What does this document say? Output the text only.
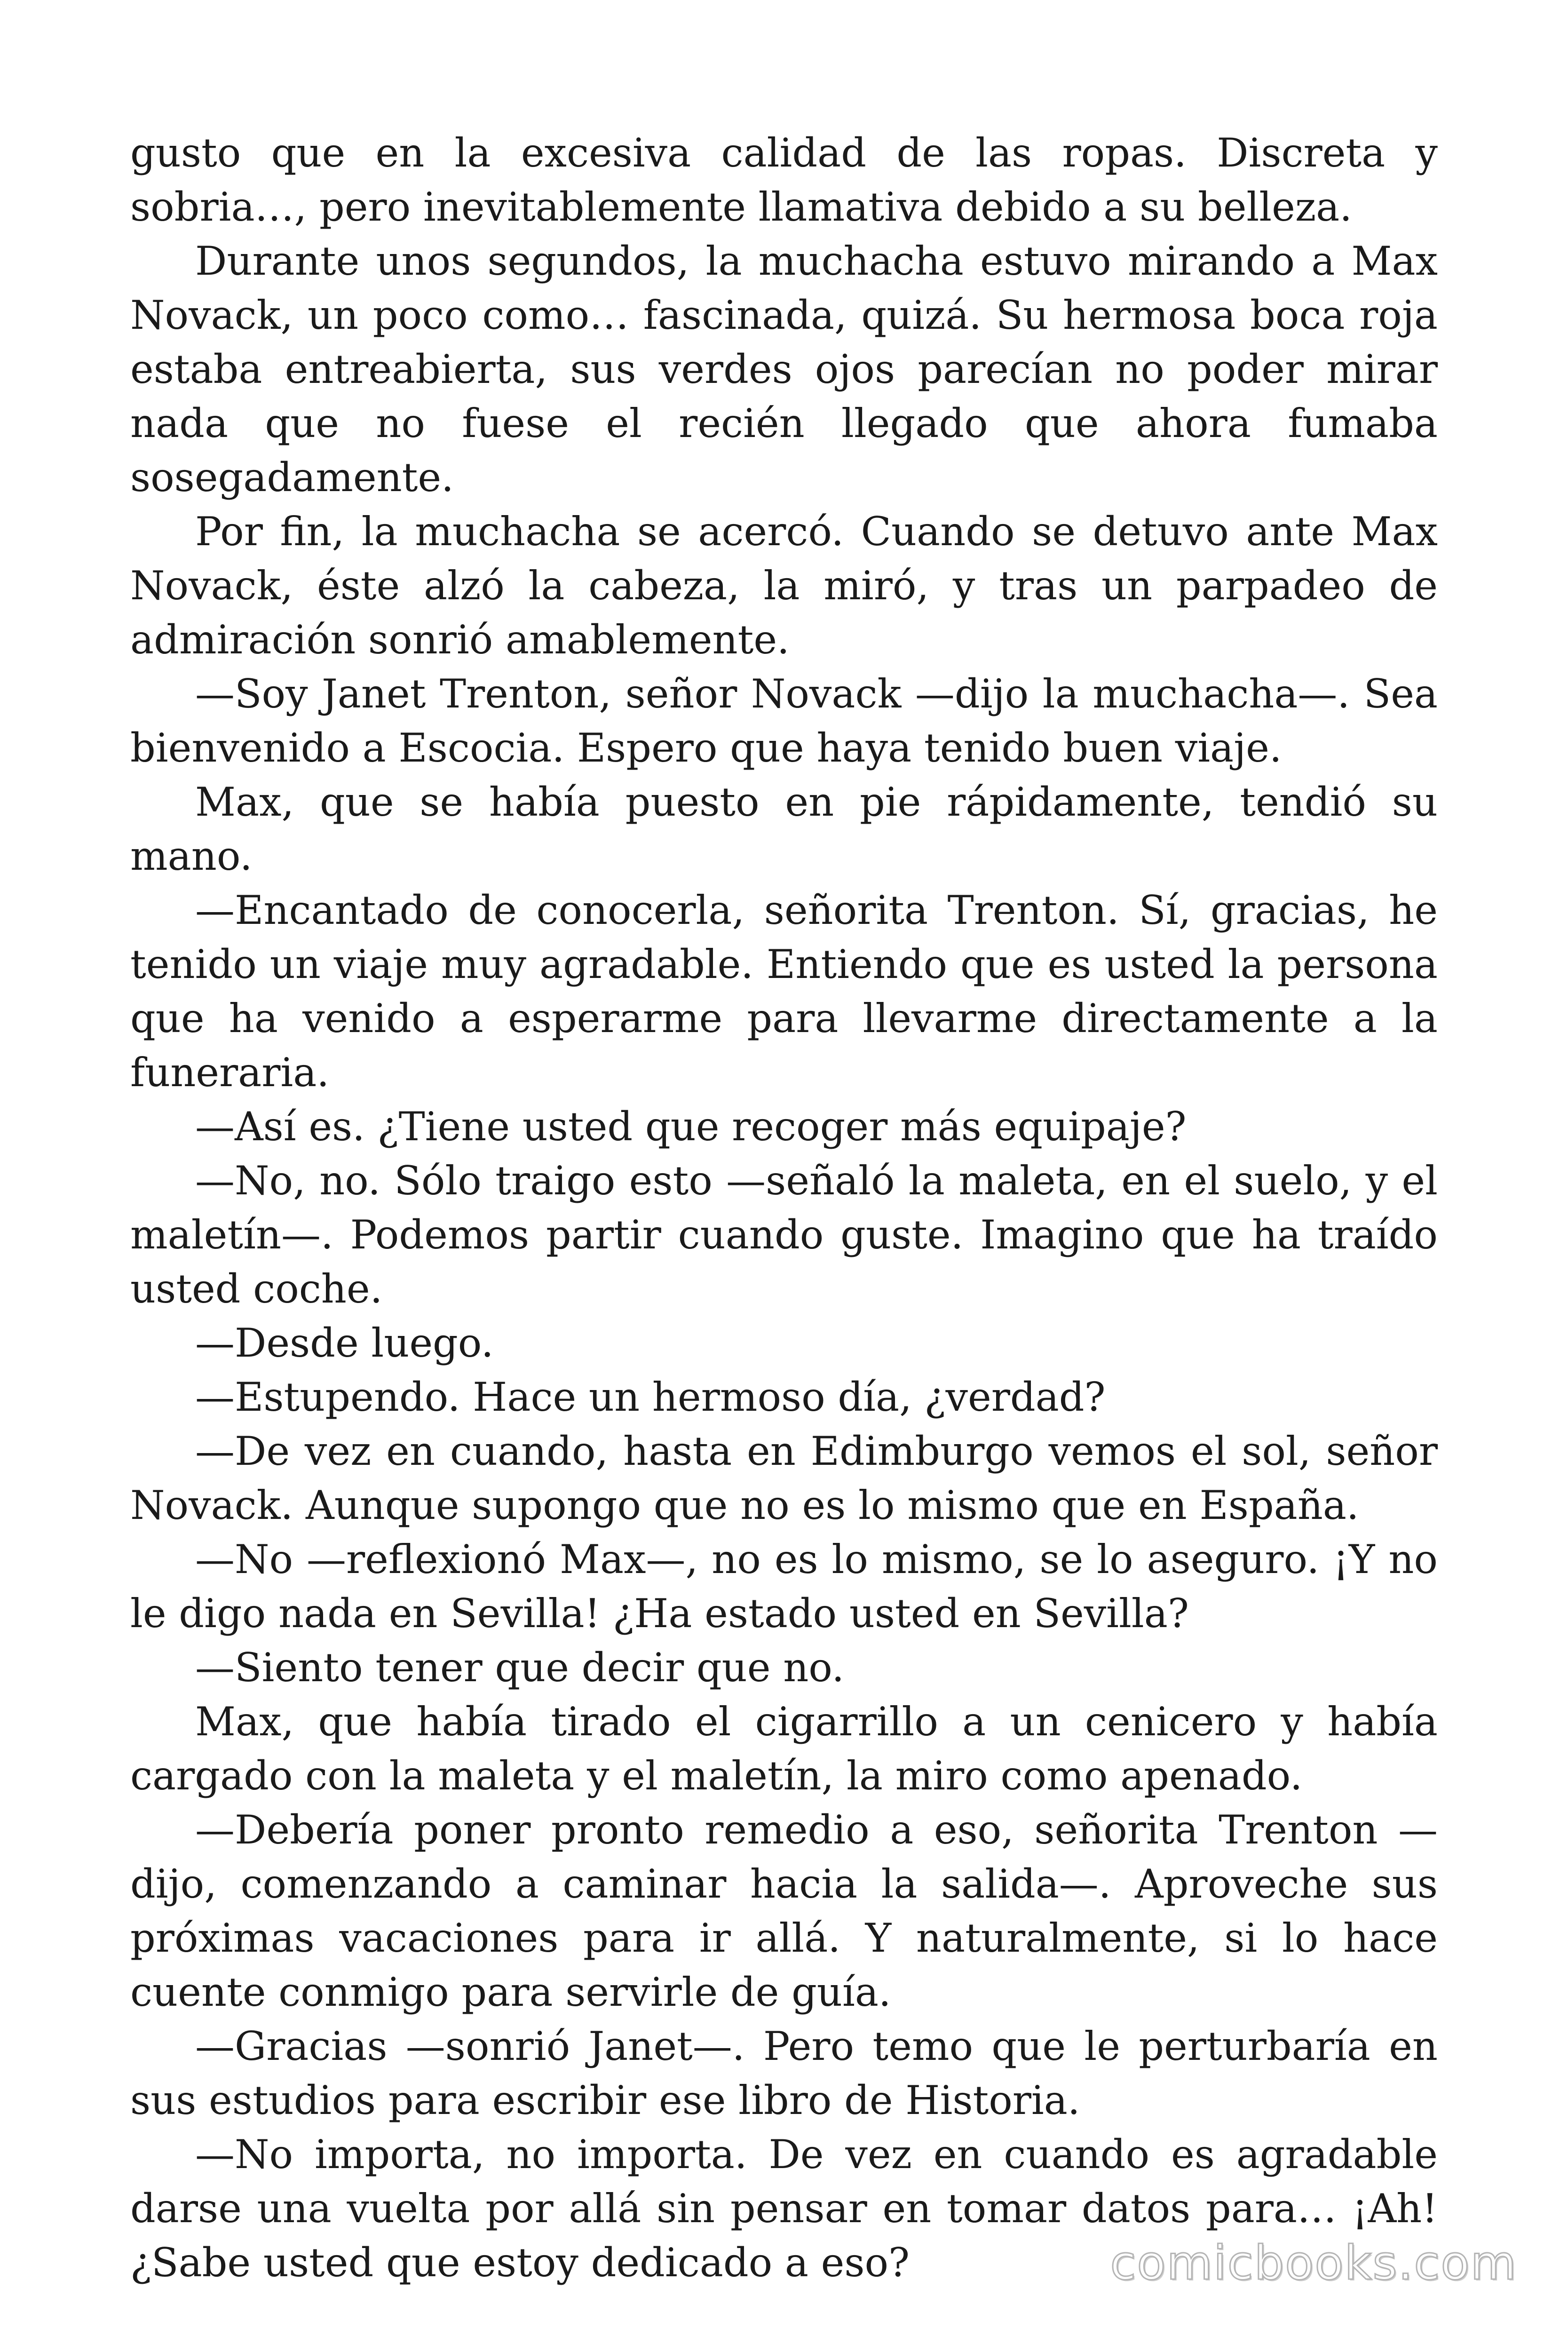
gusto que en la excesiva calidad de las ropas. Discreta y sobria…, pero inevitablemente llamativa debido a su belleza.

Durante unos segundos, la muchacha estuvo mirando a Max Novack, un poco como… fascinada, quizá. Su hermosa boca roja estaba entreabierta, sus verdes ojos parecían no poder mirar nada que no fuese el recién llegado que ahora fumaba sosegadamente.

Por fin, la muchacha se acercó. Cuando se detuvo ante Max Novack, éste alzó la cabeza, la miró, y tras un parpadeo de admiración sonrió amablemente.

—Soy Janet Trenton, señor Novack —dijo la muchacha—. Sea bienvenido a Escocia. Espero que haya tenido buen viaje.

Max, que se había puesto en pie rápidamente, tendió su mano.

—Encantado de conocerla, señorita Trenton. Sí, gracias, he tenido un viaje muy agradable. Entiendo que es usted la persona que ha venido a esperarme para llevarme directamente a la funeraria.

—Así es. ¿Tiene usted que recoger más equipaje?

—No, no. Sólo traigo esto —señaló la maleta, en el suelo, y el maletín—. Podemos partir cuando guste. Imagino que ha traído usted coche.

—Desde luego.

—Estupendo. Hace un hermoso día, ¿verdad?

—De vez en cuando, hasta en Edimburgo vemos el sol, señor Novack. Aunque supongo que no es lo mismo que en España.

—No —reflexionó Max—, no es lo mismo, se lo aseguro. ¡Y no le digo nada en Sevilla! ¿Ha estado usted en Sevilla?

—Siento tener que decir que no.

Max, que había tirado el cigarrillo a un cenicero y había cargado con la maleta y el maletín, la miro como apenado.

—Debería poner pronto remedio a eso, señorita Trenton —dijo, comenzando a caminar hacia la salida—. Aproveche sus próximas vacaciones para ir allá. Y naturalmente, si lo hace cuente conmigo para servirle de guía.

—Gracias —sonrió Janet—. Pero temo que le perturbaría en sus estudios para escribir ese libro de Historia.

—No importa, no importa. De vez en cuando es agradable darse una vuelta por allá sin pensar en tomar datos para… ¡Ah! ¿Sabe usted que estoy dedicado a eso?	comicbooks.com
